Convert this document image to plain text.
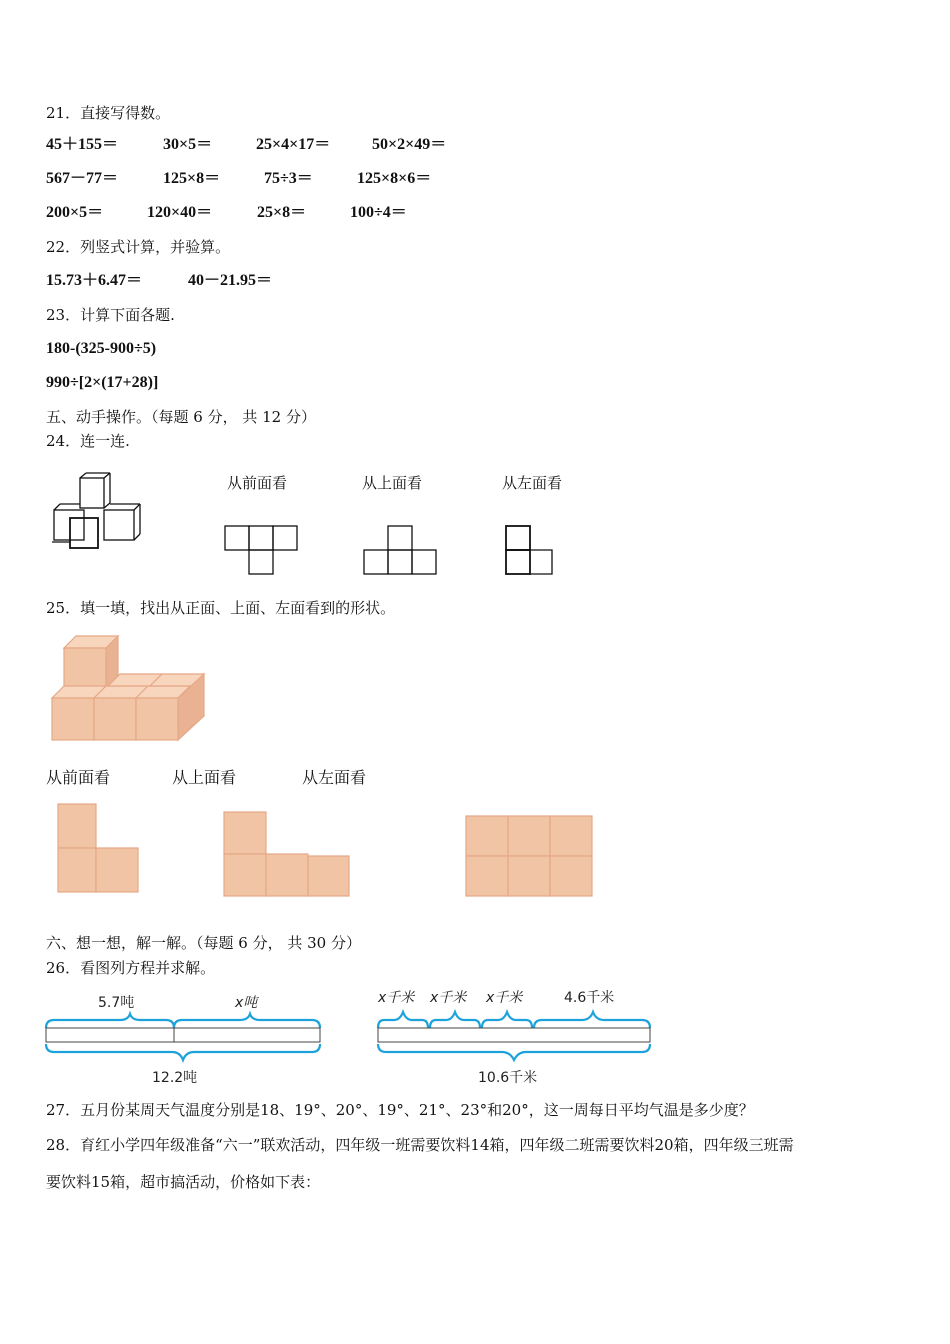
21．直接写得数。
45＋155＝	30×5＝	25×4×17＝	50×2×49＝
567－77＝	125×8＝	75÷3＝	125×8×6＝
200×5＝	120×40＝	25×8＝	100÷4＝
22．列竖式计算，并验算。
15.73＋6.47＝	40－21.95＝
23．计算下面各题.
180-(325-900÷5)
990÷[2×(17+28)]
五、动手操作。（每题 6 分， 共 12 分）
24．连一连.
从前面看	从上面看	从左面看
25．填一填，找出从正面、上面、左面看到的形状。
从前面看	从上面看	从左面看
六、想一想，解一解。（每题 6 分， 共 30 分）
26．看图列方程并求解。
5.7吨	x吨
12.2吨
x千米 x千米 x千米	4.6千米
10.6千米
27．五月份某周天气温度分别是18、19°、20°、19°、21°、23°和20°，这一周每日平均气温是多少度？
28．育红小学四年级准备“六一”联欢活动，四年级一班需要饮料14箱，四年级二班需要饮料20箱，四年级三班需
要饮料15箱，超市搞活动，价格如下表：
